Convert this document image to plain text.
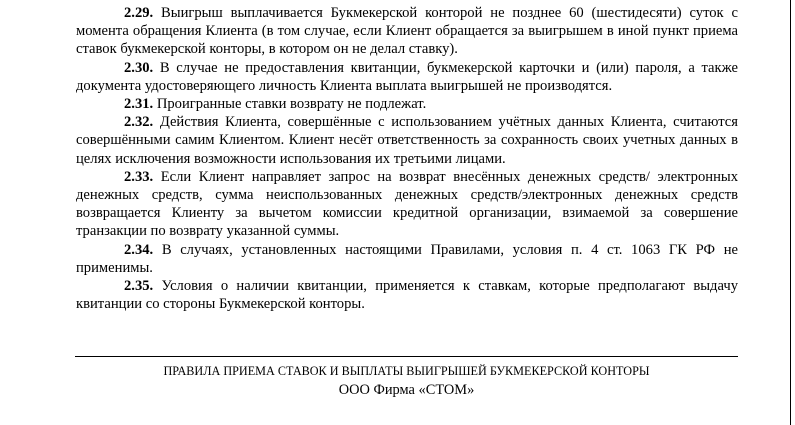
2.29. Выигрыш выплачивается Букмекерской конторой не позднее 60 (шестидесяти) суток с момента обращения Клиента (в том случае, если Клиент обращается за выигрышем в иной пункт приема ставок букмекерской конторы, в котором он не делал ставку).

2.30. В случае не предоставления квитанции, букмекерской карточки и (или) пароля, а также документа удостоверяющего личность Клиента выплата выигрышей не производятся.

2.31. Проигранные ставки возврату не подлежат.

2.32. Действия Клиента, совершённые с использованием учётных данных Клиента, считаются совершёнными самим Клиентом. Клиент несёт ответственность за сохранность своих учетных данных в целях исключения возможности использования их третьими лицами.

2.33. Если Клиент направляет запрос на возврат внесённых денежных средств/ электронных денежных средств, сумма неиспользованных денежных средств/электронных денежных средств возвращается Клиенту за вычетом комиссии кредитной организации, взимаемой за совершение транзакции по возврату указанной суммы.

2.34. В случаях, установленных настоящими Правилами, условия п. 4 ст. 1063 ГК РФ не применимы.

2.35. Условия о наличии квитанции, применяется к ставкам, которые предполагают выдачу квитанции со стороны Букмекерской конторы.

ПРАВИЛА ПРИЕМА СТАВОК И ВЫПЛАТЫ ВЫИГРЫШЕЙ БУКМЕКЕРСКОЙ КОНТОРЫ
ООО Фирма «СТОМ»
